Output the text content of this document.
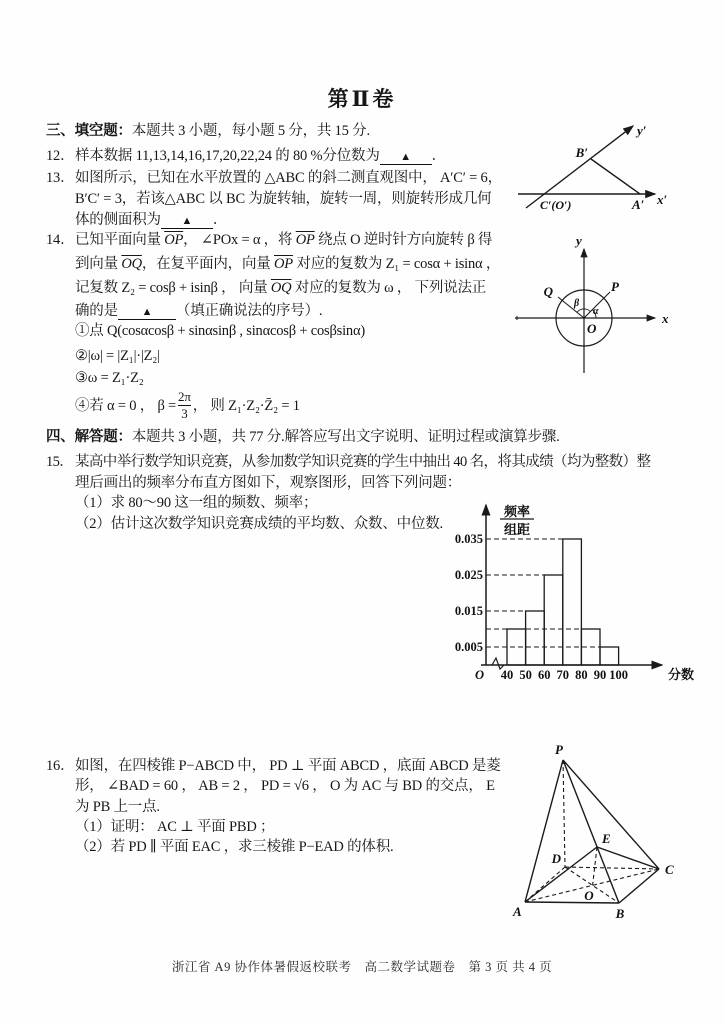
第Ⅱ卷
三、填空题：本题共 3 小题，每小题 5 分，共 15 分.
12．样本数据 11,13,14,16,17,20,22,24 的 80 %分位数为 ▲ ．
13．如图所示，已知在水平放置的 △ABC 的斜二测直观图中， A′C′ = 6，
B′C′ = 3，若该△ABC 以 BC 为旋转轴，旋转一周，则旋转形成几何
体的侧面积为 ▲ ．
y′
x′
B′
C′(O′)	A′
14．已知平面向量 $\overline{OP}$， ∠POx = α ，将 $\overline{OP}$ 绕点 O 逆时针方向旋转 β 得
到向量 $\overline{OQ}$，在复平面内，向量 $\overline{OP}$ 对应的复数为 Z₁ = cosα + isinα ，
记复数 Z₂ = cosβ + isinβ ， 向量 $\overline{OQ}$ 对应的复数为 ω ， 下列说法正
确的是 ▲ （填正确说法的序号）.
①点 Q(cosαcosβ + sinαsinβ , sinαcosβ + cosβsinα)
②|ω| = |Z₁|·|Z₂|
③ω = Z₁·Z₂
④若 α = 0 ， $\beta = \frac{2\pi}{3}$ ， 则 Z₁·Z₂·Z̄₂ = 1
y
x
P
Q
O
α
β
四、解答题：本题共 3 小题，共 77 分.解答应写出文字说明、证明过程或演算步骤.
15． 某高中举行数学知识竞赛，从参加数学知识竞赛的学生中抽出 40 名，将其成绩（均为整数）整
理后画出的频率分布直方图如下，观察图形，回答下列问题：
（1）求 80～90 这一组的频数、频率；
（2）估计这次数学知识竞赛成绩的平均数、众数、中位数.
0.005
0.015
0.025
0.035
40 50 60 70 80 90 100
频率
组距
O	分数
16．如图，在四棱锥 P−ABCD 中， PD ⊥ 平面 ABCD ，底面 ABCD 是菱
形， ∠BAD = 60 ， AB = 2 ， PD = √6 ， O 为 AC 与 BD 的交点， E
为 PB 上一点.
（1）证明： AC ⊥ 平面 PBD ；
（2）若 PD ∥ 平面 EAC ，求三棱锥 P−EAD 的体积.
P
A	B
C
D
E
O
浙江省 A9 协作体暑假返校联考　高二数学试题卷　第 3 页 共 4 页
